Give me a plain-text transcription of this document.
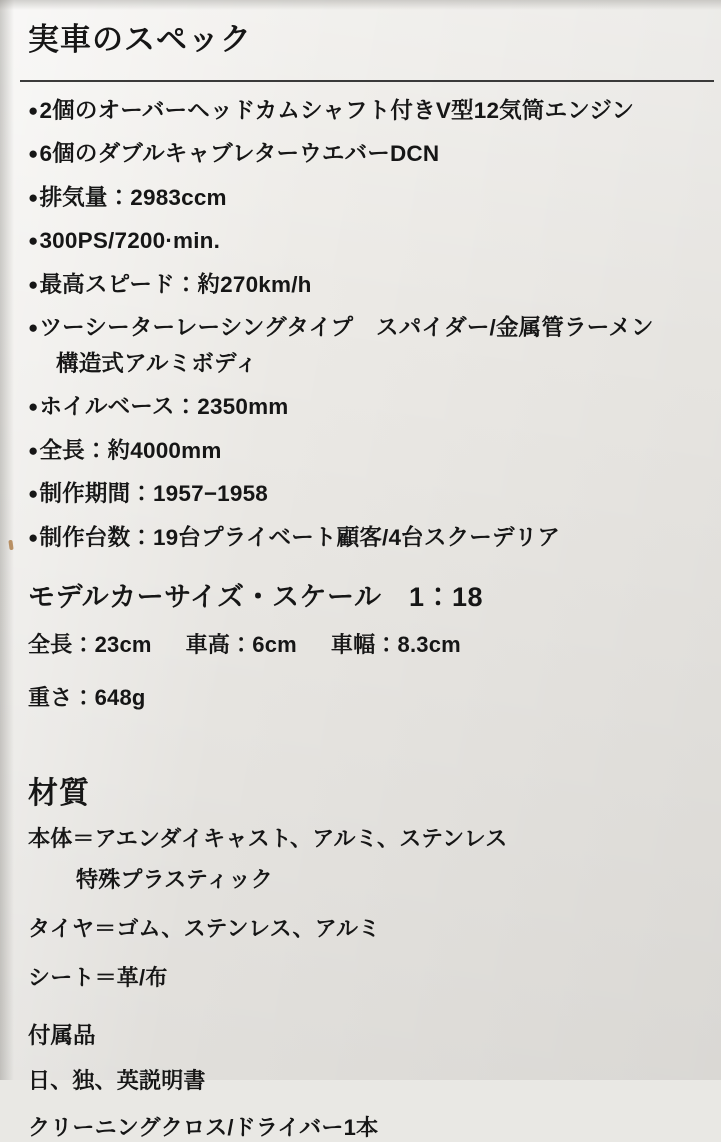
実車のスペック
●2個のオーバーヘッドカムシャフト付きV型12気筒エンジン
●6個のダブルキャブレターウエバーDCN
●排気量：2983ccm
●300PS/7200·min.
●最高スピード：約270km/h
●ツーシーターレーシングタイプ　スパイダー/金属管ラーメン
構造式アルミボディ
●ホイルベース：2350mm
●全長：約4000mm
●制作期間：1957−1958
●制作台数：19台プライベート顧客/4台スクーデリア
モデルカーサイズ・スケール　1：18

全長：23cm 車高：6cm 車幅：8.3cm

重さ：648g

材質

本体＝アエンダイキャスト、アルミ、ステンレス

特殊プラスティック

タイヤ＝ゴム、ステンレス、アルミ

シート＝革/布

付属品

日、独、英説明書

クリーニングクロス/ドライバー1本
